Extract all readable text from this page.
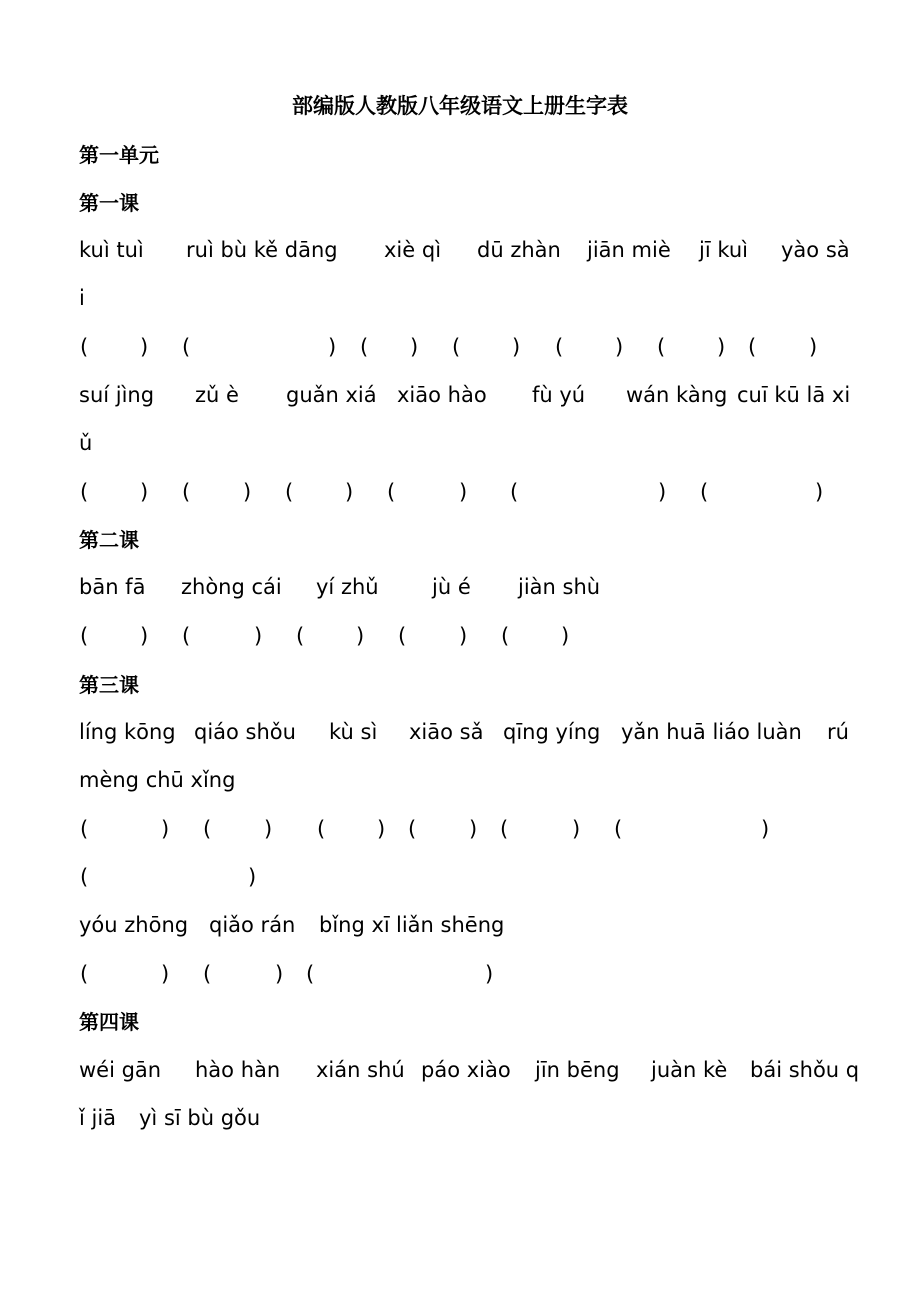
部编版人教版八年级语文上册生字表
第一单元
第一课
kuì tuì ruì bù kě dāng xiè qì dū zhàn jiān miè jī kuì yào sà
i
( ) (	) ( ) ( ) ( ) ( ) (	)
suí jìng zǔ è guǎn xiá xiāo hào fù yú wán kàng cuī kū lā xi
ǔ
( ) (	) ( ) (	) (	) (	)
第二课
bān fā zhòng cái yí zhǔ	jù é jiàn shù
( ) (	) ( ) (	) ( )
第三课
líng kōng qiáo shǒu kù sì xiāo sǎ qīng yíng yǎn huā liáo luàn rú
mèng chū xǐng
(	) (	) ( ) (	) (	) (	)
(	)
yóu zhōng qiǎo rán bǐng xī liǎn shēng
(	) (	) (	)
第四课
wéi gān hào hàn xián shú páo xiào jīn bēng juàn kè bái shǒu q
ǐ jiā yì sī bù gǒu
